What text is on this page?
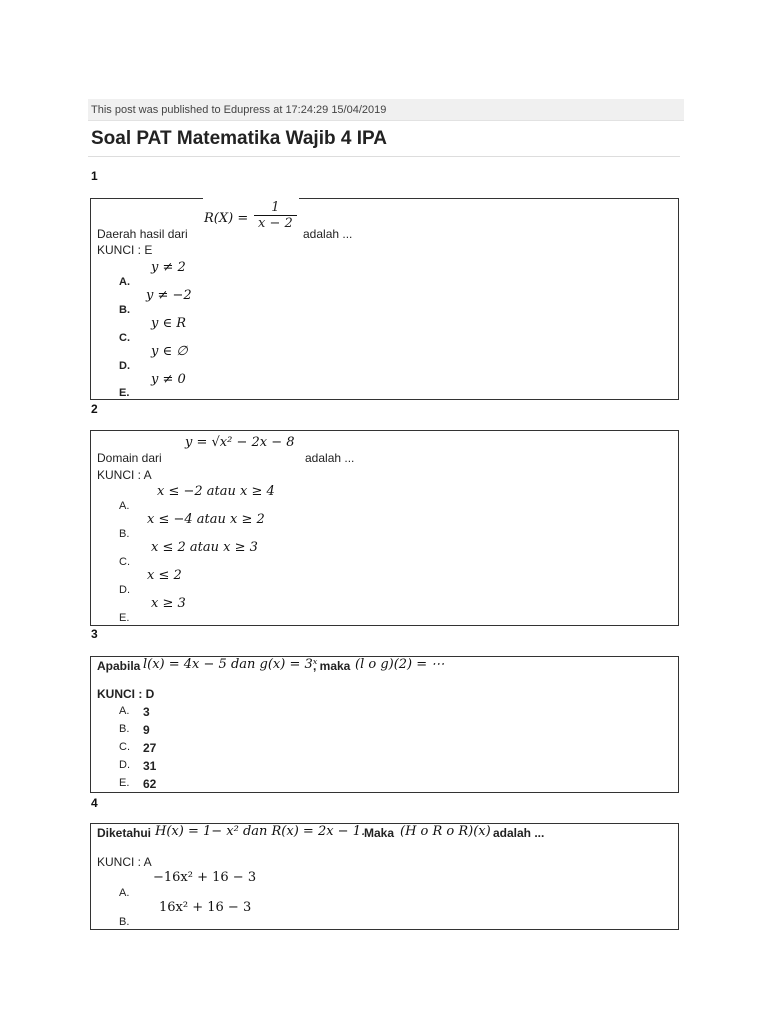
This post was published to Edupress at 17:24:29 15/04/2019
Soal PAT Matematika Wajib 4 IPA
1
Daerah hasil dari
$R(X) = \frac{1}{x - 2}$
adalah ...
KUNCI : E
y ≠ 2
A.
y ≠ −2
B.
y ∈ R
C.
y ∈ ∅
D.
y ≠ 0
E.
2
Domain dari
y = √x² − 2x − 8
adalah ...
KUNCI : A
x ≤ −2 atau x ≥ 4
A.
x ≤ −4 atau x ≥ 2
B.
x ≤ 2 atau x ≥ 3
C.
x ≤ 2
D.
x ≥ 3
E.
3
Apabila l(x) = 4x − 5 dan g(x) = 3ˣ
, maka (l o g)(2) = ⋯
KUNCI : D
A. 3
B. 9
C. 27
D. 31
E. 62
4
Diketahui H(x) = 1− x² dan R(x) = 2x − 1.
Maka (H o R o R)(x) adalah ...
KUNCI : A
−16x² + 16 − 3
A.
16x² + 16 − 3
B.
